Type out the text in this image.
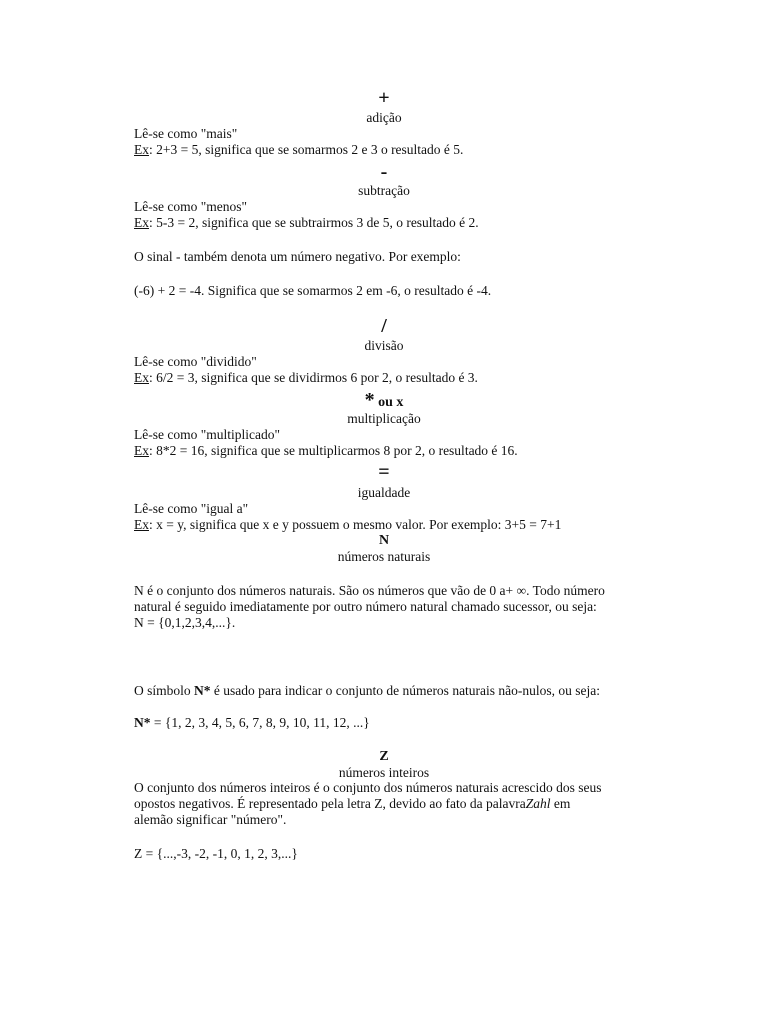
+
adição
Lê-se como "mais"
Ex: 2+3 = 5, significa que se somarmos 2 e 3 o resultado é 5.
-
subtração
Lê-se como "menos"
Ex: 5-3 = 2, significa que se subtrairmos 3 de 5, o resultado é 2.
O sinal - também denota um número negativo. Por exemplo:
(-6) + 2 = -4. Significa que se somarmos 2 em -6, o resultado é -4.
/
divisão
Lê-se como "dividido"
Ex: 6/2 = 3, significa que se dividirmos 6 por 2, o resultado é 3.
* ou x
multiplicação
Lê-se como "multiplicado"
Ex: 8*2 = 16, significa que se multiplicarmos 8 por 2, o resultado é 16.
=
igualdade
Lê-se como "igual a"
Ex: x = y, significa que x e y possuem o mesmo valor. Por exemplo: 3+5 = 7+1
N
números naturais
N é o conjunto dos números naturais. São os números que vão de 0 a+ ∞. Todo número
natural é seguido imediatamente por outro número natural chamado sucessor, ou seja:
N = {0,1,2,3,4,...}.
O símbolo N* é usado para indicar o conjunto de números naturais não-nulos, ou seja:
N* = {1, 2, 3, 4, 5, 6, 7, 8, 9, 10, 11, 12, ...}
Z
números inteiros
O conjunto dos números inteiros é o conjunto dos números naturais acrescido dos seus
opostos negativos. É representado pela letra Z, devido ao fato da palavraZahl em
alemão significar "número".
Z = {...,-3, -2, -1, 0, 1, 2, 3,...}
